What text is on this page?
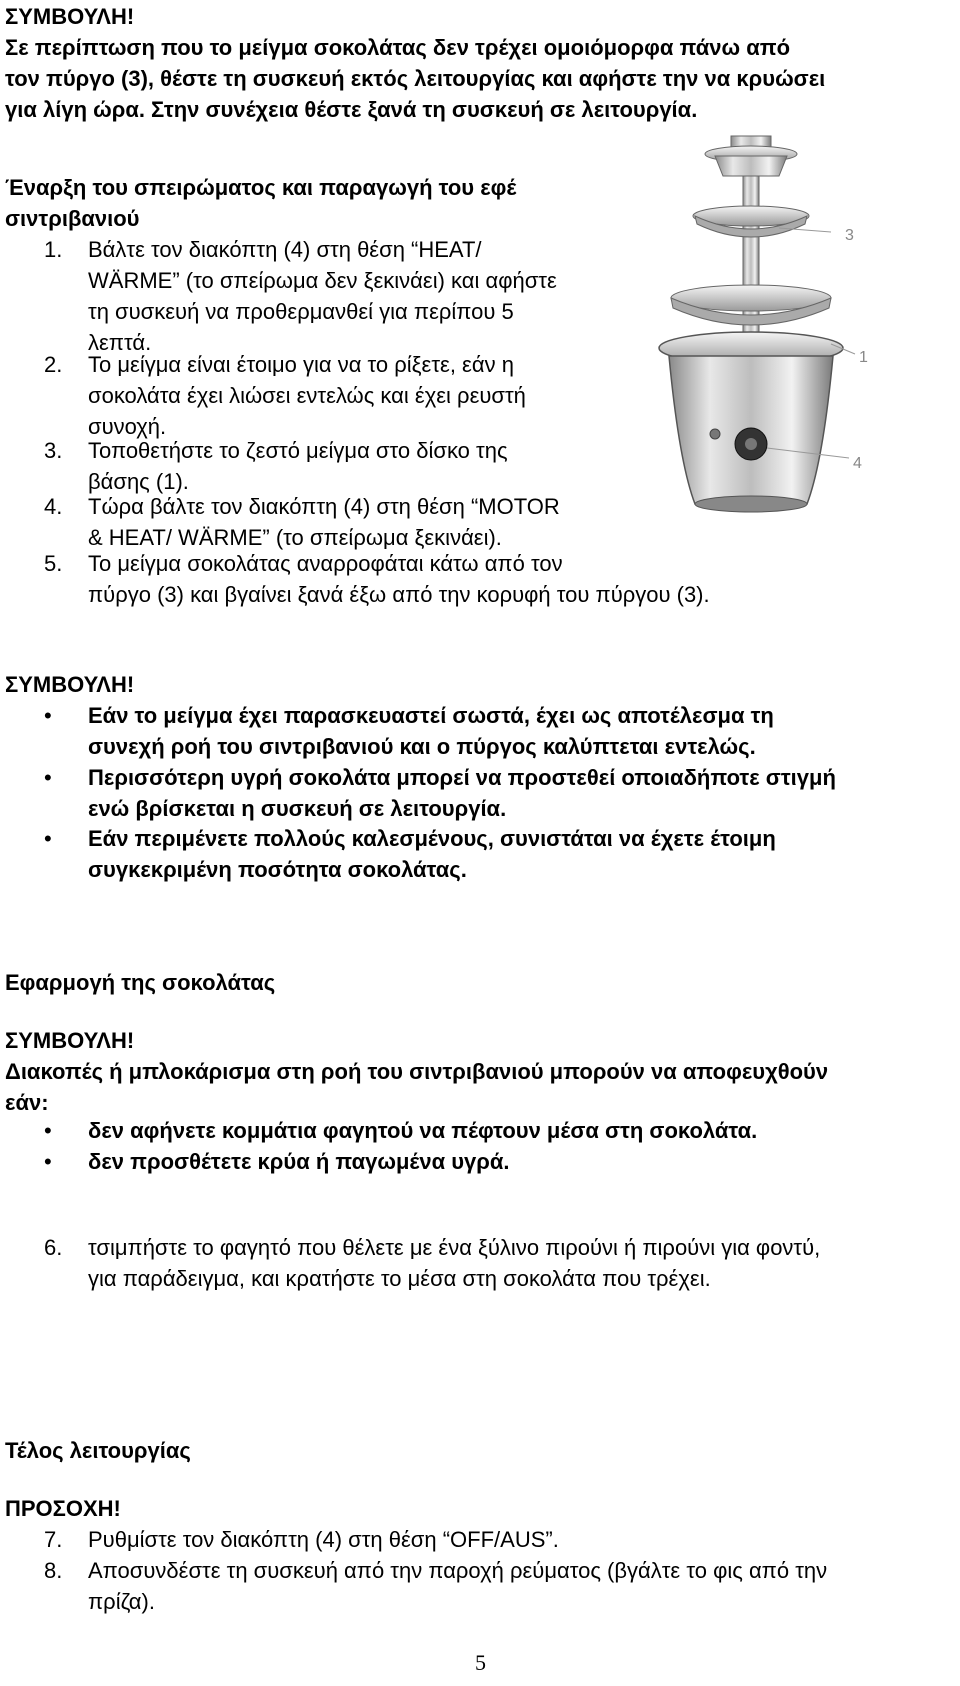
ΣΥΜΒΟΥΛΗ!

Σε περίπτωση που το μείγμα σοκολάτας δεν τρέχει ομοιόμορφα πάνω από

τον πύργο (3), θέστε τη συσκευή εκτός λειτουργίας και αφήστε την να κρυώσει

για λίγη ώρα. Στην συνέχεια θέστε ξανά τη συσκευή σε λειτουργία.

Έναρξη του σπειρώματος και παραγωγή του εφέ

σιντριβανιού

1. Βάλτε τον διακόπτη (4) στη θέση “HEAT/

WÄRME” (το σπείρωμα δεν ξεκινάει) και αφήστε

τη συσκευή να προθερμανθεί για περίπου 5

λεπτά.

2. Το μείγμα είναι έτοιμο για να το ρίξετε, εάν η

σοκολάτα έχει λιώσει εντελώς και έχει ρευστή

συνοχή.

3. Τοποθετήστε το ζεστό μείγμα στο δίσκο της

βάσης (1).

4. Τώρα βάλτε τον διακόπτη (4) στη θέση “MOTOR

& HEAT/ WÄRME” (το σπείρωμα ξεκινάει).

5. Το μείγμα σοκολάτας αναρροφάται κάτω από τον

πύργο (3) και βγαίνει ξανά έξω από την κορυφή του πύργου (3).

3
1
4

ΣΥΜΒΟΥΛΗ!

• Εάν το μείγμα έχει παρασκευαστεί σωστά, έχει ως αποτέλεσμα τη

συνεχή ροή του σιντριβανιού και ο πύργος καλύπτεται εντελώς.

• Περισσότερη υγρή σοκολάτα μπορεί να προστεθεί οποιαδήποτε στιγμή

ενώ βρίσκεται η συσκευή σε λειτουργία.

• Εάν περιμένετε πολλούς καλεσμένους, συνιστάται να έχετε έτοιμη

συγκεκριμένη ποσότητα σοκολάτας.

Εφαρμογή της σοκολάτας

ΣΥΜΒΟΥΛΗ!

Διακοπές ή μπλοκάρισμα στη ροή του σιντριβανιού μπορούν να αποφευχθούν

εάν:

• δεν αφήνετε κομμάτια φαγητού να πέφτουν μέσα στη σοκολάτα.

• δεν προσθέτετε κρύα ή παγωμένα υγρά.

6. τσιμπήστε το φαγητό που θέλετε με ένα ξύλινο πιρούνι ή πιρούνι για φοντύ,

για παράδειγμα, και κρατήστε το μέσα στη σοκολάτα που τρέχει.

Τέλος λειτουργίας

ΠΡΟΣΟΧΗ!

7. Ρυθμίστε τον διακόπτη (4) στη θέση “OFF/AUS”.

8. Αποσυνδέστε τη συσκευή από την παροχή ρεύματος (βγάλτε το φις από την

πρίζα).

5
